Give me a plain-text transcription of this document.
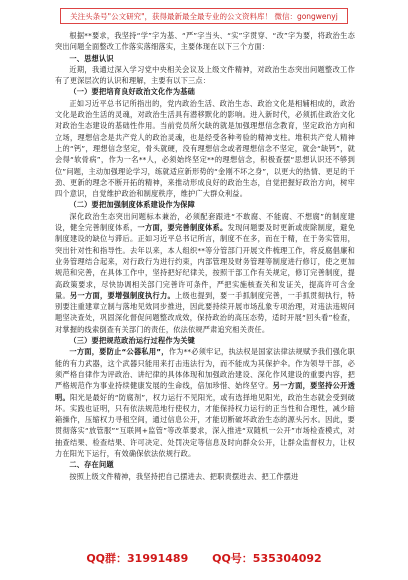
关注头条号"公文研究"，获得最新最全最专业的公文资料库！ 微信：gongwenyj

根据**要求，我坚持“学”字为基、“严”字当头、“实”字贯穿、“改”字为要，将政治生态突出问题全面整改工作落实落细落实，主要体现在以下三个方面：

一、思想认识

近期，我通过深入学习党中央相关会议及上级文件精神，对政治生态突出问题整改工作有了更深层次的认识和理解，主要有以下三点：

（一）要把培育良好政治文化作为基础

正如习近平总书记所指出的，党内政治生活、政治生态、政治文化是相辅相成的，政治文化是政治生活的灵魂，对政治生活具有潜移默化的影响。进入新时代，必须抓住政治文化对政治生态建设的基础性作用。当前党员所欠缺的就是加强理想信念教育，坚定政治方向和立场，理想信念是共产党人的政治灵魂，也是经受各种考验的精神支柱。堆积共产党人精神上的“钙”，理想信念坚定，骨头就硬，没有理想信念或者理想信念不坚定，就会“缺钙”，就会得“软骨病”，作为一名**人，必须始终坚定**的理想信念，积极查摆“思想认识还不够到位”问题，主动加强理论学习，练就适应新形势的“金刚不坏之身”，以更大的热情、更足的干劲、更新的理念不断开拓的精神，来推动形成良好的政治生态，自觉把握好政治方向，树牢四个意识，自觉维护政治和制度秩序，维护广大群众利益。

（二）要把加强制度体系建设作为保障

深化政治生态突出问题标本兼治，必须配套跟进“不敢腐、不能腐、不想腐”的制度建设，健全完善制度体系，一方面，要完善制度体系。发现问题要及时更新或废除制度，避免制度建设的缺位与滞后。正如习近平总书记所言，制度不在多，而在于精，在于务实管用，突出针对性和指导性。去年以来，本人组织**等分管部门开展文件梳理工作，将反腐倡廉和业务管理结合起来，对行政行为进行约束，内部管理及财务管理等制度进行修订，使之更加规范和完善，在具体工作中，坚持把好纪律关，按照干部工作有关规定，修订完善制度，提高政策要求，尽快协调相关部门完善许可条件，严把实施核查关和发证关，提高许可含金量。另一方面，要增强制度执行力。上级也提到，要一手抓制度完善，一手抓贯彻执行，特别要注重建章立制与落地见效同步推进，因此要持续开展市场乱象专项治理，对违法违规问题坚决查处，巩固深化督促问题整改成效，保持政治的高压态势，适时开展“回头看”检查，对掌握的线索倒查有关部门的责任，依法依规严肃追究相关责任。

（三）要把规范政治运行过程作为关键

一方面，要防止“公器私用”，作为**必须牢记，执法权是国家法律法规赋予我们强化职能的有力武器，这个武器只能用来打击违法行为，而不能成为其保护伞。作为领导干部，必须严格自律作为评政治、讲纪律的具体体现和加强政治建设、深化作风建设的重要内容，把严格规范作为事业持续健康发展的生命线，倍加珍惜、始终坚守。另一方面，要坚持公开透明。阳光是最好的“防腐剂”，权力运行不见阳光，或有选择地见阳光，政治生态就会受到破坏。实践也证明，只有依法规范地行使权力，才能保持权力运行的正当性和合理性，减少暗箱操作，压缩权力寻租空间，通过信息公开，才能切断破坏政治生态的源头污水。因此，要贯彻落实“放管服”“互联网+监管”等改革要求，深入推进“双随机一公开”市场检查模式，对抽查结果、检查结果、许可决定、处罚决定等信息及时向群众公开，让群众监督权力，让权力在阳光下运行，有效确保依法依规行政。

二、存在问题

按照上级文件精神，我坚持把自己摆进去、把职责摆进去、把工作摆进

QQ群：31991489 QQ号：535304092
